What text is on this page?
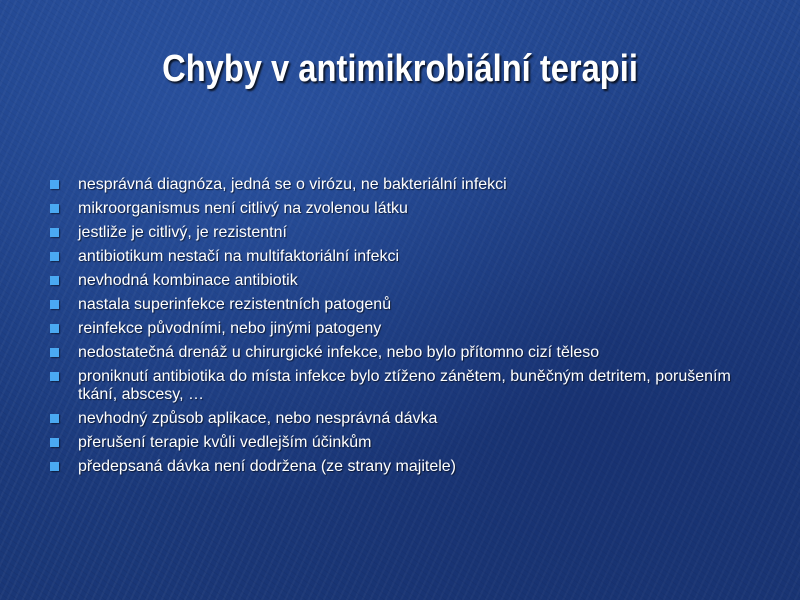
Chyby v antimikrobiální terapii
nesprávná diagnóza, jedná se o virózu, ne bakteriální infekci
mikroorganismus není citlivý na zvolenou látku
jestliže je citlivý, je rezistentní
antibiotikum nestačí na multifaktoriální infekci
nevhodná kombinace antibiotik
nastala superinfekce rezistentních patogenů
reinfekce původními, nebo jinými patogeny
nedostatečná drenáž u chirurgické infekce, nebo bylo přítomno cizí těleso
proniknutí antibiotika do místa infekce bylo ztíženo zánětem, buněčným detritem, porušením tkání, abscesy, …
nevhodný způsob aplikace, nebo nesprávná dávka
přerušení terapie kvůli vedlejším účinkům
předepsaná dávka není dodržena (ze strany majitele)
